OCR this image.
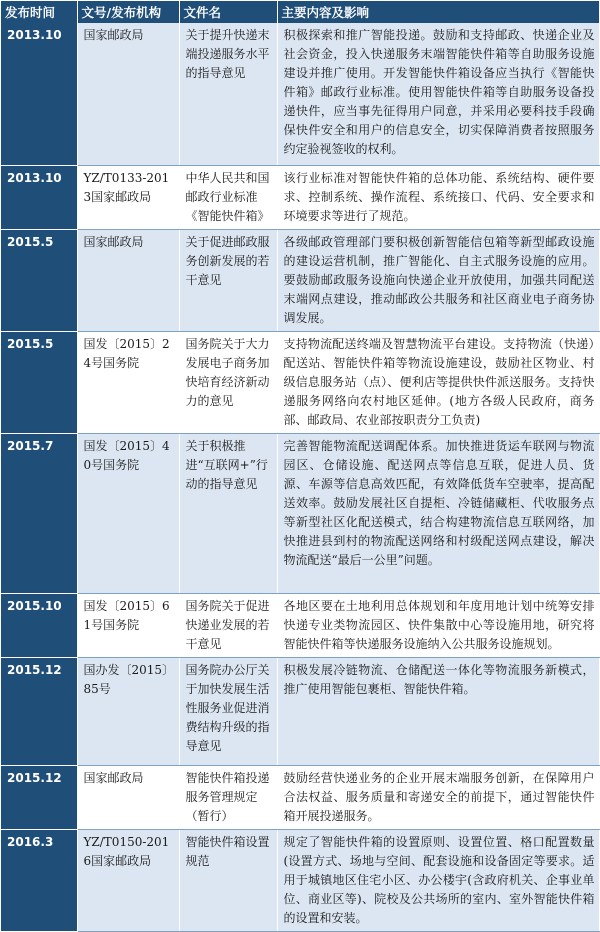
发布时间	文号/发布机构	文件名	主要内容及影响
2013.10	国家邮政局	关于提升快递末端投递服务水平的指导意见	积极探索和推广智能投递。鼓励和支持邮政、快递企业及社会资金，投入快递服务末端智能快件箱等自助服务设施建设并推广使用。开发智能快件箱设备应当执行《智能快件箱》邮政行业标准。使用智能快件箱等自助服务设备投递快件，应当事先征得用户同意，并采用必要科技手段确保快件安全和用户的信息安全，切实保障消费者按照服务约定验视签收的权利。
2013.10	YZ/T0133-2013国家邮政局	中华人民共和国邮政行业标准《智能快件箱》	该行业标准对智能快件箱的总体功能、系统结构、硬件要求、控制系统、操作流程、系统接口、代码、安全要求和环境要求等进行了规范。
2015.5	国家邮政局	关于促进邮政服务创新发展的若干意见	各级邮政管理部门要积极创新智能信包箱等新型邮政设施的建设运营机制，推广智能化、自主式服务设施的应用。要鼓励邮政服务设施向快递企业开放使用，加强共同配送末端网点建设，推动邮政公共服务和社区商业电子商务协调发展。
2015.5	国发〔2015〕24号国务院	国务院关于大力发展电子商务加快培育经济新动力的意见	支持物流配送终端及智慧物流平台建设。支持物流（快递）配送站、智能快件箱等物流设施建设，鼓励社区物业、村级信息服务站（点）、便利店等提供快件派送服务。支持快递服务网络向农村地区延伸。(地方各级人民政府，商务部、邮政局、农业部按职责分工负责)
2015.7	国发〔2015〕40号国务院	关于积极推进“互联网+”行动的指导意见	完善智能物流配送调配体系。加快推进货运车联网与物流园区、仓储设施、配送网点等信息互联，促进人员、货源、车源等信息高效匹配，有效降低货车空驶率，提高配送效率。鼓励发展社区自提柜、冷链储藏柜、代收服务点等新型社区化配送模式，结合构建物流信息互联网络，加快推进县到村的物流配送网络和村级配送网点建设，解决物流配送“最后一公里”问题。
2015.10	国发〔2015〕61号国务院	国务院关于促进快递业发展的若干意见	各地区要在土地利用总体规划和年度用地计划中统筹安排快递专业类物流园区、快件集散中心等设施用地，研究将智能快件箱等快递服务设施纳入公共服务设施规划。
2015.12	国办发〔2015〕85号	国务院办公厅关于加快发展生活性服务业促进消费结构升级的指导意见	积极发展冷链物流、仓储配送一体化等物流服务新模式，推广使用智能包裹柜、智能快件箱。
2015.12	国家邮政局	智能快件箱投递服务管理规定（暂行）	鼓励经营快递业务的企业开展末端服务创新，在保障用户合法权益、服务质量和寄递安全的前提下，通过智能快件箱开展投递服务。
2016.3	YZ/T0150-2016国家邮政局	智能快件箱设置规范	规定了智能快件箱的设置原则、设置位置、格口配置数量(设置方式、场地与空间、配套设施和设备固定等要求。适用于城镇地区住宅小区、办公楼宇(含政府机关、企事业单位、商业区等)、院校及公共场所的室内、室外智能快件箱的设置和安装。
